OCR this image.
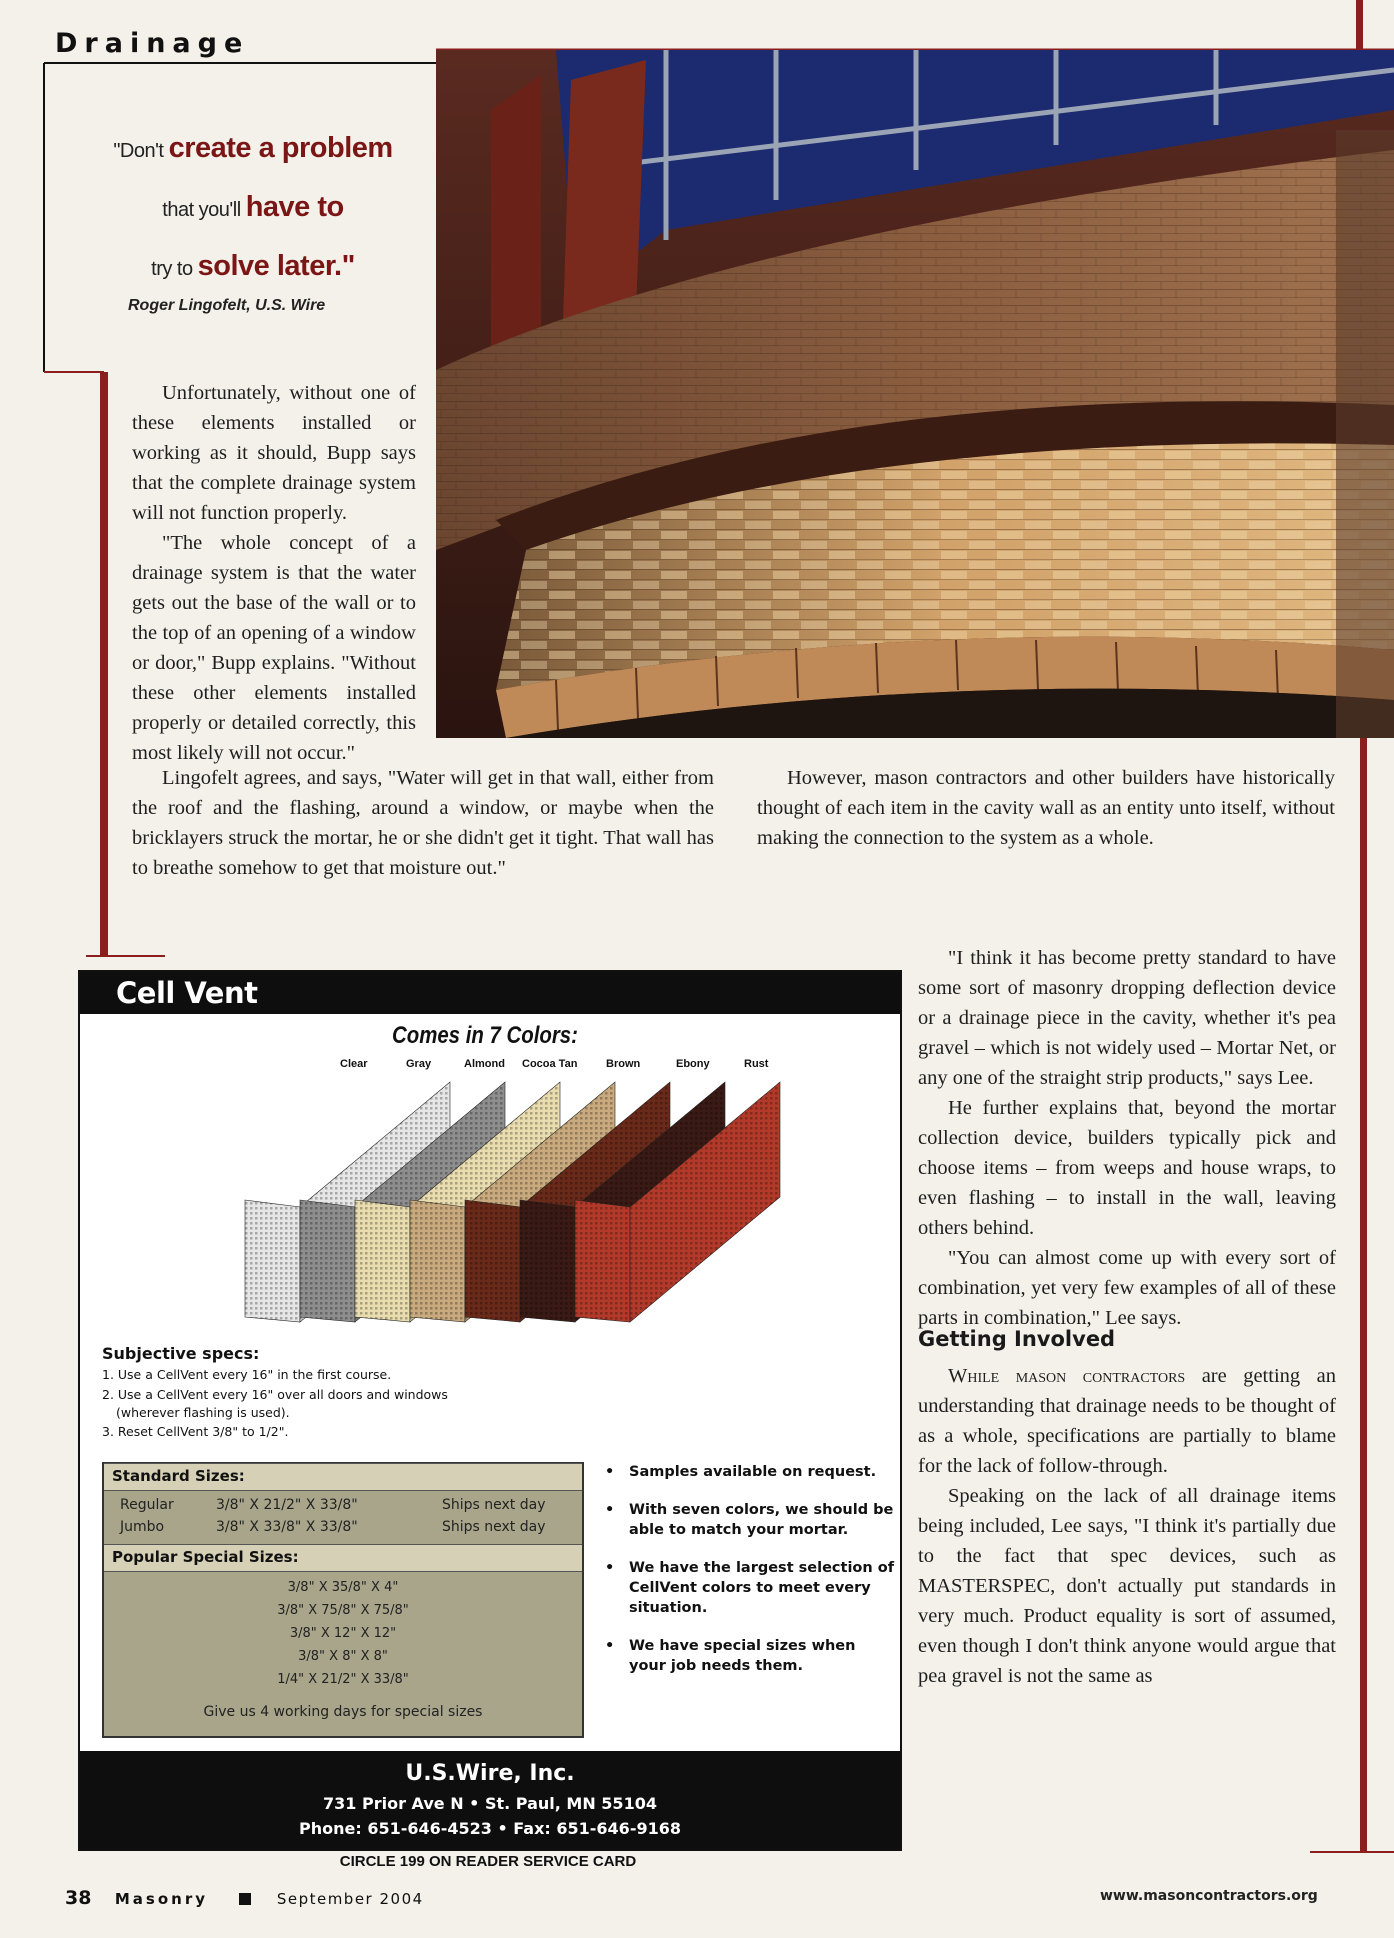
Drainage
"Don't create a problem
that you'll have to
try to solve later."
Roger Lingofelt, U.S. Wire

Unfortunately, without one of these elements installed or working as it should, Bupp says that the complete drainage system will not function properly.

"The whole concept of a drainage system is that the water gets out the base of the wall or to the top of an opening of a window or door," Bupp explains. "Without these other elements installed properly or detailed correctly, this most likely will not occur."

Lingofelt agrees, and says, "Water will get in that wall, either from the roof and the flashing, around a window, or maybe when the bricklayers struck the mortar, he or she didn't get it tight. That wall has to breathe somehow to get that moisture out."

However, mason contractors and other builders have historically thought of each item in the cavity wall as an entity unto itself, without making the connection to the system as a whole.

"I think it has become pretty standard to have some sort of masonry dropping deflection device or a drainage piece in the cavity, whether it's pea gravel – which is not widely used – Mortar Net, or any one of the straight strip products," says Lee.

He further explains that, beyond the mortar collection device, builders typically pick and choose items – from weeps and house wraps, to even flashing – to install in the wall, leaving others behind.

"You can almost come up with every sort of combination, yet very few examples of all of these parts in combination," Lee says.

Getting Involved

While mason contractors are getting an understanding that drainage needs to be thought of as a whole, specifications are partially to blame for the lack of follow-through.

Speaking on the lack of all drainage items being included, Lee says, "I think it's partially due to the fact that spec devices, such as MASTERSPEC, don't actually put standards in very much. Product equality is sort of assumed, even though I don't think anyone would argue that pea gravel is not the same as

Cell Vent
Comes in 7 Colors:
Clear	Gray	Almond Cocoa Tan	Brown	Ebony	Rust
Subjective specs:
1. Use a CellVent every 16" in the first course.
2. Use a CellVent every 16" over all doors and windows
(wherever flashing is used).
3. Reset CellVent 3/8" to 1/2".
Standard Sizes:
Regular	3/8" X 21/2" X 33/8"	Ships next day
Jumbo	3/8" X 33/8" X 33/8"	Ships next day
Popular Special Sizes:
3/8" X 35/8" X 4"
3/8" X 75/8" X 75/8"
3/8" X 12" X 12"
3/8" X 8" X 8"
1/4" X 21/2" X 33/8"
Give us 4 working days for special sizes
• Samples available on request.
• With seven colors, we should be able to match your mortar.
• We have the largest selection of CellVent colors to meet every situation.
• We have special sizes when your job needs them.
U.S.Wire, Inc.
731 Prior Ave N • St. Paul, MN 55104
Phone: 651-646-4523 • Fax: 651-646-9168
CIRCLE 199 ON READER SERVICE CARD
38 Masonry	September 2004	www.masoncontractors.org
